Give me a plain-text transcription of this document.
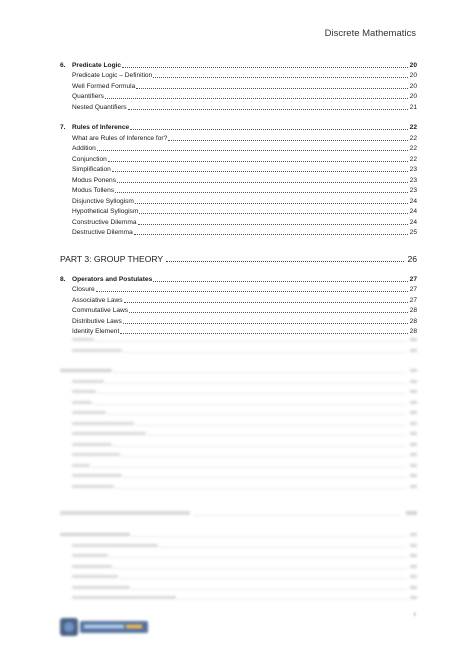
Discrete Mathematics
6. Predicate Logic	20
Predicate Logic – Definition	20
Well Formed Formula	20
Quantifiers	20
Nested Quantifiers	21
7. Rules of Inference	22
What are Rules of Inference for?	22
Addition	22
Conjunction	22
Simplification	23
Modus Ponens	23
Modus Tollens	23
Disjunctive Syllogism	24
Hypothetical Syllogism	24
Constructive Dilemma	24
Destructive Dilemma	25
PART 3: GROUP THEORY	26
8. Operators and Postulates	27
Closure	27
Associative Laws	27
Commutative Laws	28
Distributive Laws	28
Identity Element	28
ii
